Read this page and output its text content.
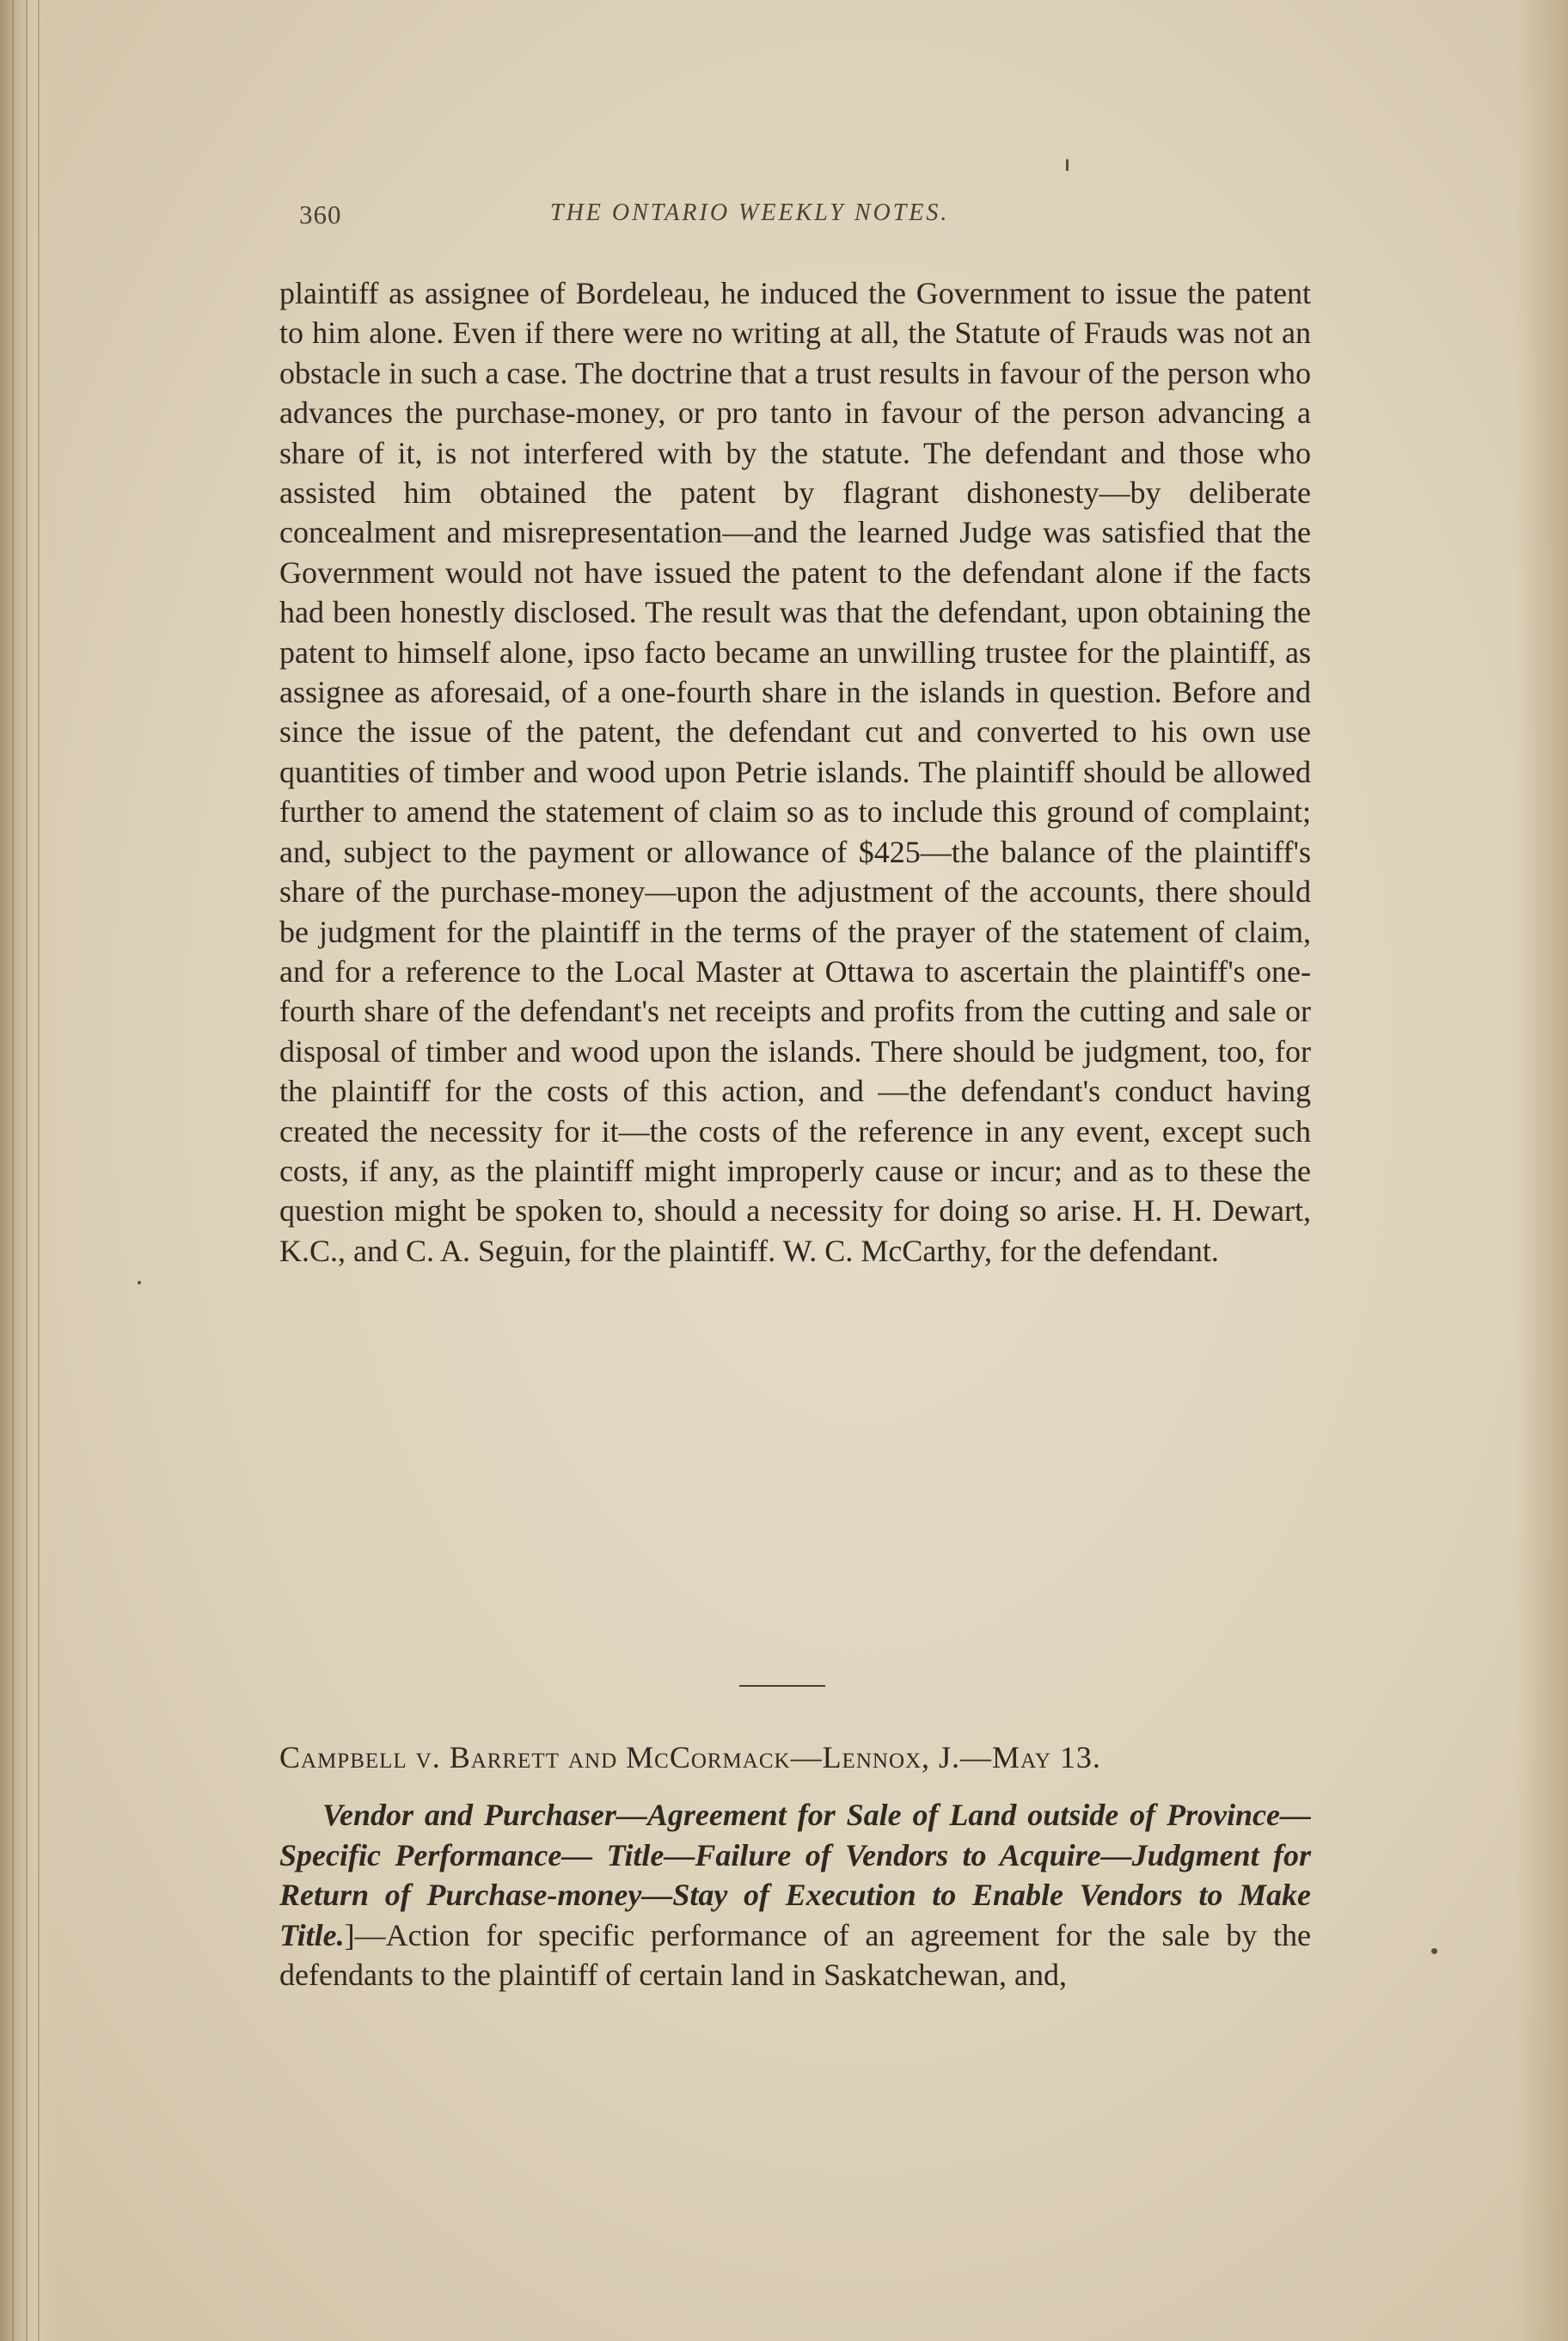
360	THE ONTARIO WEEKLY NOTES.

plaintiff as assignee of Bordeleau, he induced the Government to issue the patent to him alone. Even if there were no writing at all, the Statute of Frauds was not an obstacle in such a case. The doctrine that a trust results in favour of the person who advances the purchase-money, or pro tanto in favour of the person advancing a share of it, is not interfered with by the statute. The defendant and those who assisted him obtained the patent by flagrant dishonesty—by deliberate concealment and misrepresentation—and the learned Judge was satisfied that the Government would not have issued the patent to the defendant alone if the facts had been honestly disclosed. The result was that the defendant, upon obtaining the patent to himself alone, ipso facto became an unwilling trustee for the plaintiff, as assignee as aforesaid, of a one-fourth share in the islands in question. Before and since the issue of the patent, the defendant cut and converted to his own use quantities of timber and wood upon Petrie islands. The plaintiff should be allowed further to amend the statement of claim so as to include this ground of complaint; and, subject to the payment or allowance of $425—the balance of the plaintiff's share of the purchase-money—upon the adjustment of the accounts, there should be judgment for the plaintiff in the terms of the prayer of the statement of claim, and for a reference to the Local Master at Ottawa to ascertain the plaintiff's one-fourth share of the defendant's net receipts and profits from the cutting and sale or disposal of timber and wood upon the islands. There should be judgment, too, for the plaintiff for the costs of this action, and —the defendant's conduct having created the necessity for it—the costs of the reference in any event, except such costs, if any, as the plaintiff might improperly cause or incur; and as to these the question might be spoken to, should a necessity for doing so arise. H. H. Dewart, K.C., and C. A. Seguin, for the plaintiff. W. C. McCarthy, for the defendant.

Campbell v. Barrett and McCormack—Lennox, J.—May 13.
Vendor and Purchaser—Agreement for Sale of Land outside of Province—Specific Performance— Title—Failure of Vendors to Acquire—Judgment for Return of Purchase-money—Stay of Execution to Enable Vendors to Make Title.]—Action for specific performance of an agreement for the sale by the defendants to the plaintiff of certain land in Saskatchewan, and,
